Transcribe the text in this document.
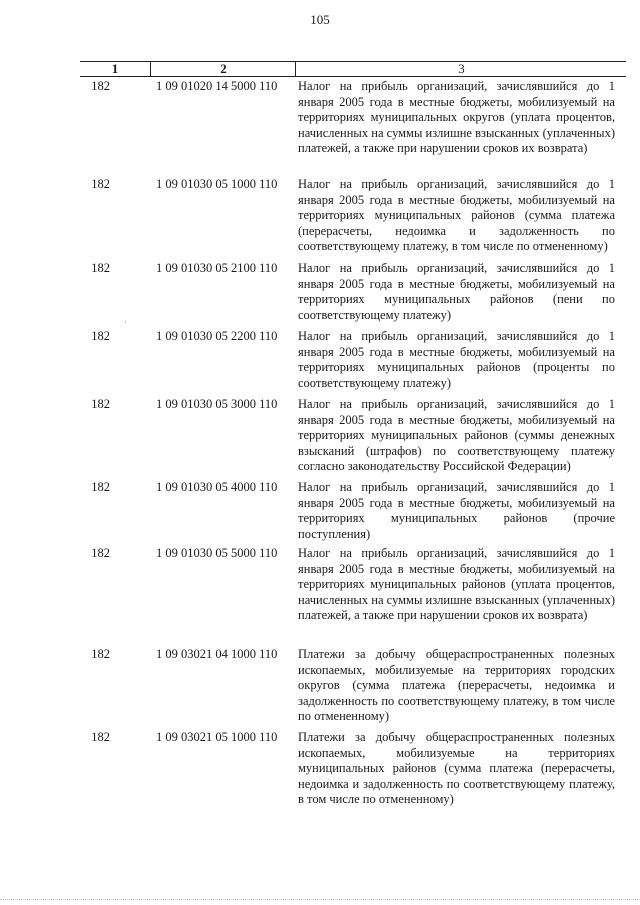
105
1	2	3
182	1 09 01020 14 5000 110 Налог на прибыль организаций, зачислявшийся до 1 января 2005 года в местные бюджеты, мобилизуемый на территориях муниципальных округов (уплата процентов, начисленных на суммы излишне взысканных (уплаченных) платежей, а также при нарушении сроков их возврата)
182	1 09 01030 05 1000 110 Налог на прибыль организаций, зачислявшийся до 1 января 2005 года в местные бюджеты, мобилизуемый на территориях муниципальных районов (сумма платежа (перерасчеты, недоимка и задолженность по соответствующему платежу, в том числе по отмененному)
182	1 09 01030 05 2100 110 Налог на прибыль организаций, зачислявшийся до 1 января 2005 года в местные бюджеты, мобилизуемый на территориях муниципальных районов (пени по соответствующему платежу)
182	1 09 01030 05 2200 110 Налог на прибыль организаций, зачислявшийся до 1 января 2005 года в местные бюджеты, мобилизуемый на территориях муниципальных районов (проценты по соответствующему платежу)
182	1 09 01030 05 3000 110 Налог на прибыль организаций, зачислявшийся до 1 января 2005 года в местные бюджеты, мобилизуемый на территориях муниципальных районов (суммы денежных взысканий (штрафов) по соответствующему платежу согласно законодательству Российской Федерации)
182	1 09 01030 05 4000 110 Налог на прибыль организаций, зачислявшийся до 1 января 2005 года в местные бюджеты, мобилизуемый на территориях муниципальных районов (прочие поступления)
182	1 09 01030 05 5000 110 Налог на прибыль организаций, зачислявшийся до 1 января 2005 года в местные бюджеты, мобилизуемый на территориях муниципальных районов (уплата процентов, начисленных на суммы излишне взысканных (уплаченных) платежей, а также при нарушении сроков их возврата)
182	1 09 03021 04 1000 110 Платежи за добычу общераспространенных полезных ископаемых, мобилизуемые на территориях городских округов (сумма платежа (перерасчеты, недоимка и задолженность по соответствующему платежу, в том числе по отмененному)
182	1 09 03021 05 1000 110 Платежи за добычу общераспространенных полезных ископаемых, мобилизуемые на территориях муниципальных районов (сумма платежа (перерасчеты, недоимка и задолженность по соответствующему платежу, в том числе по отмененному)
'
